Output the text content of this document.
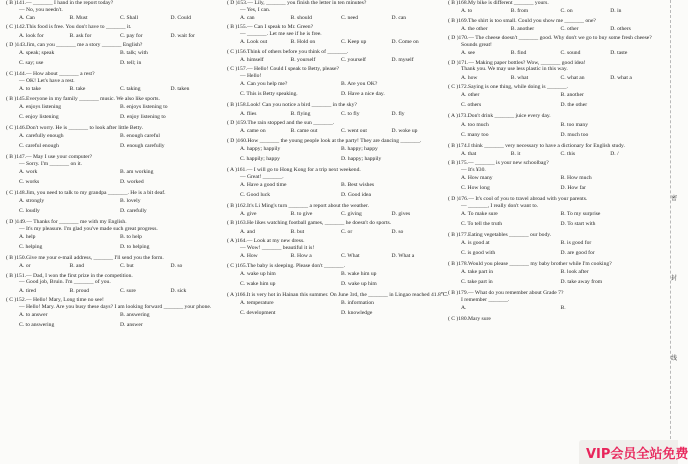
( B )141.— _______ I hand in the report today?
— No, you needn't.
A. Can	B. Must	C. Shall	D. Could
( C )142.This food is free. You don't have to _______ it.
A. look for	B. ask for	C. pay for	D. wait for
( D )143.Jim, can you _______ me a story _______ English?
A. speak; speak	B. talk; with
C. say; use	D. tell; in
( C )144.— How about _______ a rest?
— OK! Let's have a rest.
A. to take	B. take	C. taking	D. taken
( B )145.Everyone in my family _______ music. We also like sports.
A. enjoys listening	B. enjoys listening to
C. enjoy listening	D. enjoy listening to
( C )146.Don't worry. He is _______ to look after little Betty.
A. carefully enough	B. enough careful
C. careful enough	D. enough carefully
( B )147.— May I use your computer?
— Sorry. I'm _______ on it.
A. work	B. am working
C. works	D. worked
( C )148.Jim, you need to talk to my grandpa _______. He is a bit deaf.
A. strongly	B. lovely
C. loudly	D. carefully
( D )149.— Thanks for _______ me with my English.
— It's my pleasure. I'm glad you've made such great progress.
A. help	B. to help
C. helping	D. to helping
( B )150.Give me your e-mail address, _______ I'll send you the form.
A. or	B. and	C. but	D. so
( B )151.— Dad, I won the first prize in the competition.
— Good job, Bruin. I'm _______ of you.
A. tired	B. proud	C. sure	D. sick
( C )152.— Hello! Mary, Long time no see!
— Hello! Mary. Are you busy these days? I am looking forward _______ your phone.
A. to answer	B. answering
C. to answering	D. answer
( D )153.— Lily, _______ you finish the letter in ten minutes?
— Yes, I can.
A. can	B. should	C. need	D. can
( B )155.— Can I speak to Mr. Green?
— _______. Let me see if he is free.
A. Look out	B. Hold on	C. Keep up	D. Come on
( C )156.Think of others before you think of _______.
A. himself	B. yourself	C. yourself	D. myself
( C )157.— Hello! Could I speak to Betty, please?
— Hello!
A. Can you help me?	B. Are you OK?
C. This is Betty speaking.	D. Have a nice day.
( B )158.Look! Can you notice a bird _______ in the sky?
A. flies	B. flying	C. to fly	D. fly
( D )159.The rain stopped and the sun _______.
A. came on	B. came out	C. went out	D. woke up
( D )160.How _______ the young people look at the party! They are dancing _______.
A. happy; happily	B. happy; happy
C. happily; happy	D. happy; happily
( A )161.— I will go to Hong Kong for a trip next weekend.
— Great! _______.
A. Have a good time	B. Best wishes
C. Good luck	D. Good idea
( B )162.It's Li Ming's turn _______ a report about the weather.
A. give	B. to give	C. giving	D. gives
( B )163.He likes watching football games, _______ he doesn't do sports.
A. and	B. but	C. or	D. so
( A )164.— Look at my new dress.
— Wow! _______ beautiful it is!
A. How	B. How a	C. What	D. What a
( C )165.The baby is sleeping. Please don't _______.
A. wake up him	B. wake him up
C. wake him up	D. wake up him
( A )166.It is very hot in Hainan this summer. On June 3rd, the _______ in Lingao reached 41.8℃.
A. temperature	B. information
C. development	D. knowledge
( B )168.My bike is different _______ yours.
A. to	B. from	C. on	D. in
( B )169.The shirt is too small. Could you show me _______ one?
A. the other	B. another	C. other	D. others
( D )170.— The cheese doesn't _______ good. Why don't we go to buy some fresh cheese?
Sounds great!
A. see	B. find	C. sound	D. taste
( D )171.— Making paper bottles? Wow, _______ good idea!
Thank you. We may use less plastic in this way.
A. how	B. what	C. what an	D. what a
( C )172.Saying is one thing, while doing is _______.
A. other	B. another
C. others	D. the other
( A )173.Don't drink _______ juice every day.
A. too much	B. too many
C. many too	D. much too
( B )174.I think _______ very necessary to have a dictionary for English study.
A. that	B. it	C. this	D. /
( B )175.— _______ is your new schoolbag?
— It's ¥30.
A. How many	B. How much
C. How long	D. How far
( D )176.— It's cool of you to travel abroad with your parents.
— _______, I really don't want to.
A. To make sure	B. To my surprise
C. To tell the truth	D. To start with
( B )177.Eating vegetables _______ our body.
A. is good at	B. is good for
C. is good with	D. are good for
( B )178.Would you please _______ my baby brother while I'm cooking?
A. take part in	B. look after
C. take part in	D. take away from
( B )179.— What do you remember about Grade 7?
I remember _______.
A.	B.
( C )180.Mary sure
密
封
线
VIP会员全站免费
